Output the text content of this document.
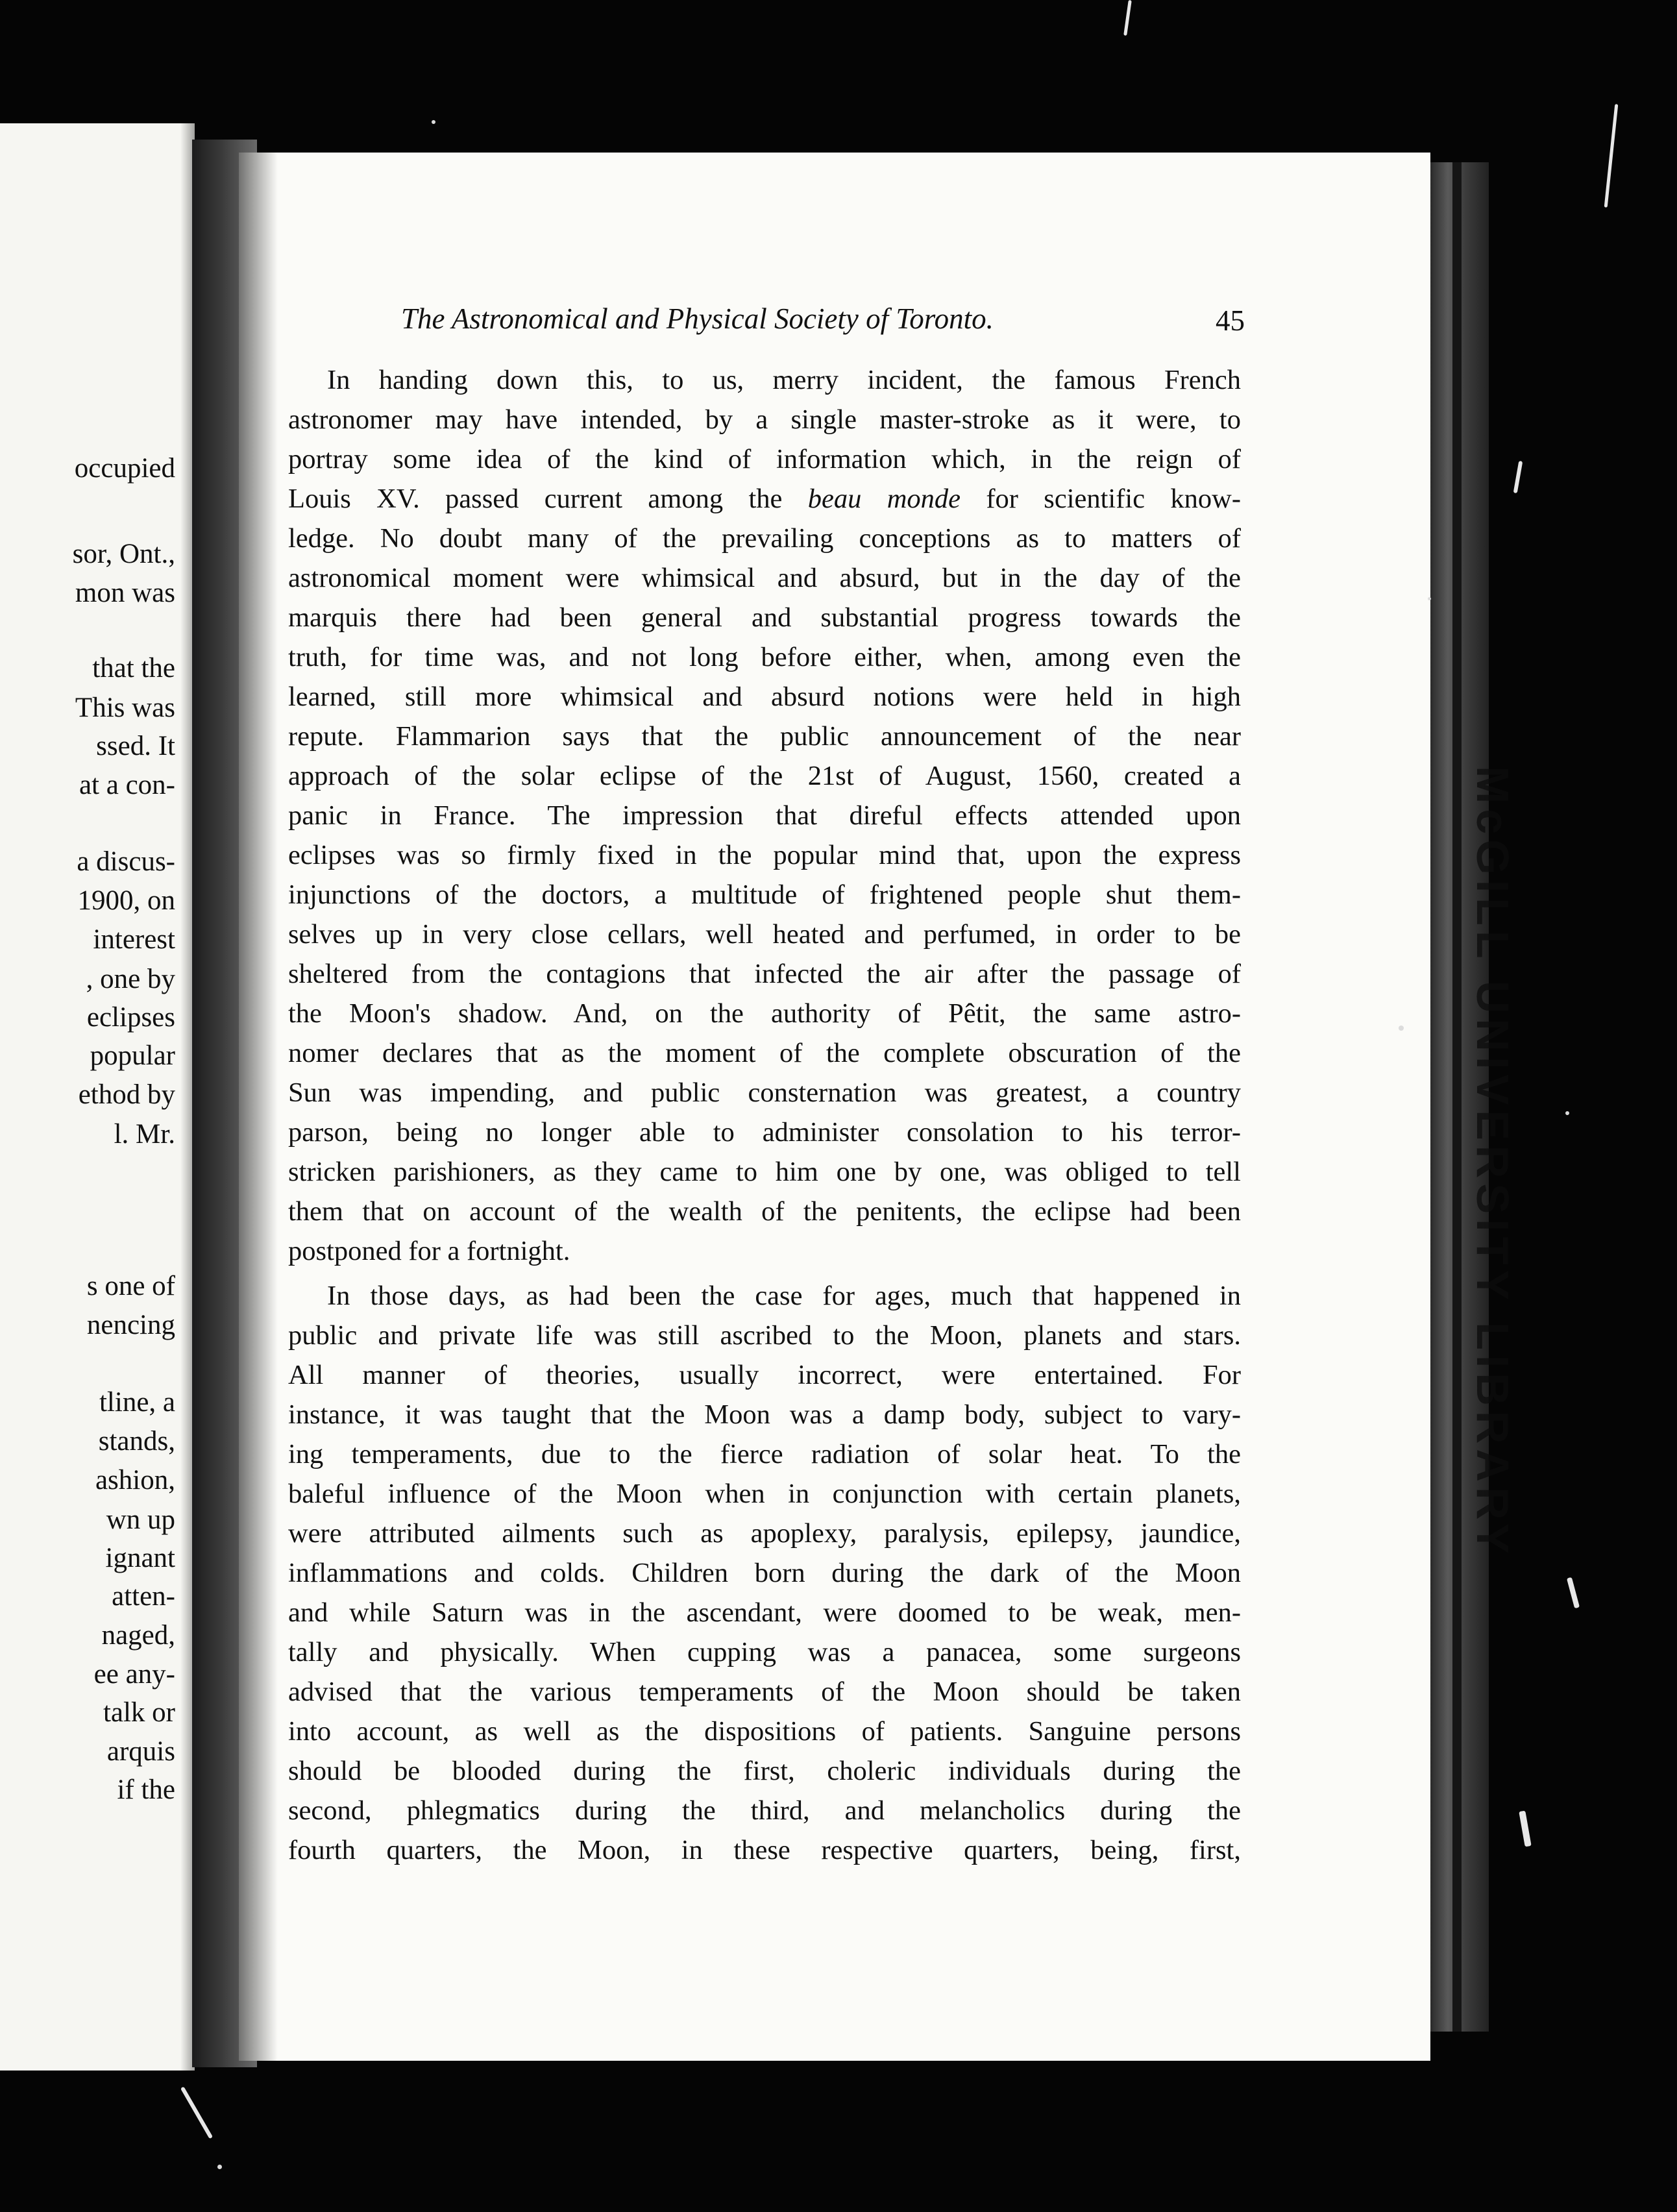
occupied
sor, Ont.,
mon was
that the
This was
ssed. It
at a con-
a discus-
1900, on
interest
, one by
eclipses
popular
ethod by
l. Mr.
s one of
nencing
tline, a
stands,
ashion,
wn up
ignant
atten-
naged,
ee any-
talk or
arquis
if the
The Astronomical and Physical Society of Toronto.	45
In handing down this, to us, merry incident, the famous French
astronomer may have intended, by a single master-stroke as it were, to
portray some idea of the kind of information which, in the reign of
Louis XV. passed current among the beau monde for scientific know-
ledge. No doubt many of the prevailing conceptions as to matters of
astronomical moment were whimsical and absurd, but in the day of the
marquis there had been general and substantial progress towards the
truth, for time was, and not long before either, when, among even the
learned, still more whimsical and absurd notions were held in high
repute. Flammarion says that the public announcement of the near
approach of the solar eclipse of the 21st of August, 1560, created a
panic in France. The impression that direful effects attended upon
eclipses was so firmly fixed in the popular mind that, upon the express
injunctions of the doctors, a multitude of frightened people shut them-
selves up in very close cellars, well heated and perfumed, in order to be
sheltered from the contagions that infected the air after the passage of
the Moon's shadow. And, on the authority of Pêtit, the same astro-
nomer declares that as the moment of the complete obscuration of the
Sun was impending, and public consternation was greatest, a country
parson, being no longer able to administer consolation to his terror-
stricken parishioners, as they came to him one by one, was obliged to tell
them that on account of the wealth of the penitents, the eclipse had been
postponed for a fortnight.
In those days, as had been the case for ages, much that happened in
public and private life was still ascribed to the Moon, planets and stars.
All manner of theories, usually incorrect, were entertained. For
instance, it was taught that the Moon was a damp body, subject to vary-
ing temperaments, due to the fierce radiation of solar heat. To the
baleful influence of the Moon when in conjunction with certain planets,
were attributed ailments such as apoplexy, paralysis, epilepsy, jaundice,
inflammations and colds. Children born during the dark of the Moon
and while Saturn was in the ascendant, were doomed to be weak, men-
tally and physically. When cupping was a panacea, some surgeons
advised that the various temperaments of the Moon should be taken
into account, as well as the dispositions of patients. Sanguine persons
should be blooded during the first, choleric individuals during the
second, phlegmatics during the third, and melancholics during the
fourth quarters, the Moon, in these respective quarters, being, first,
McGILL UNIVERSITY LIBRARY
